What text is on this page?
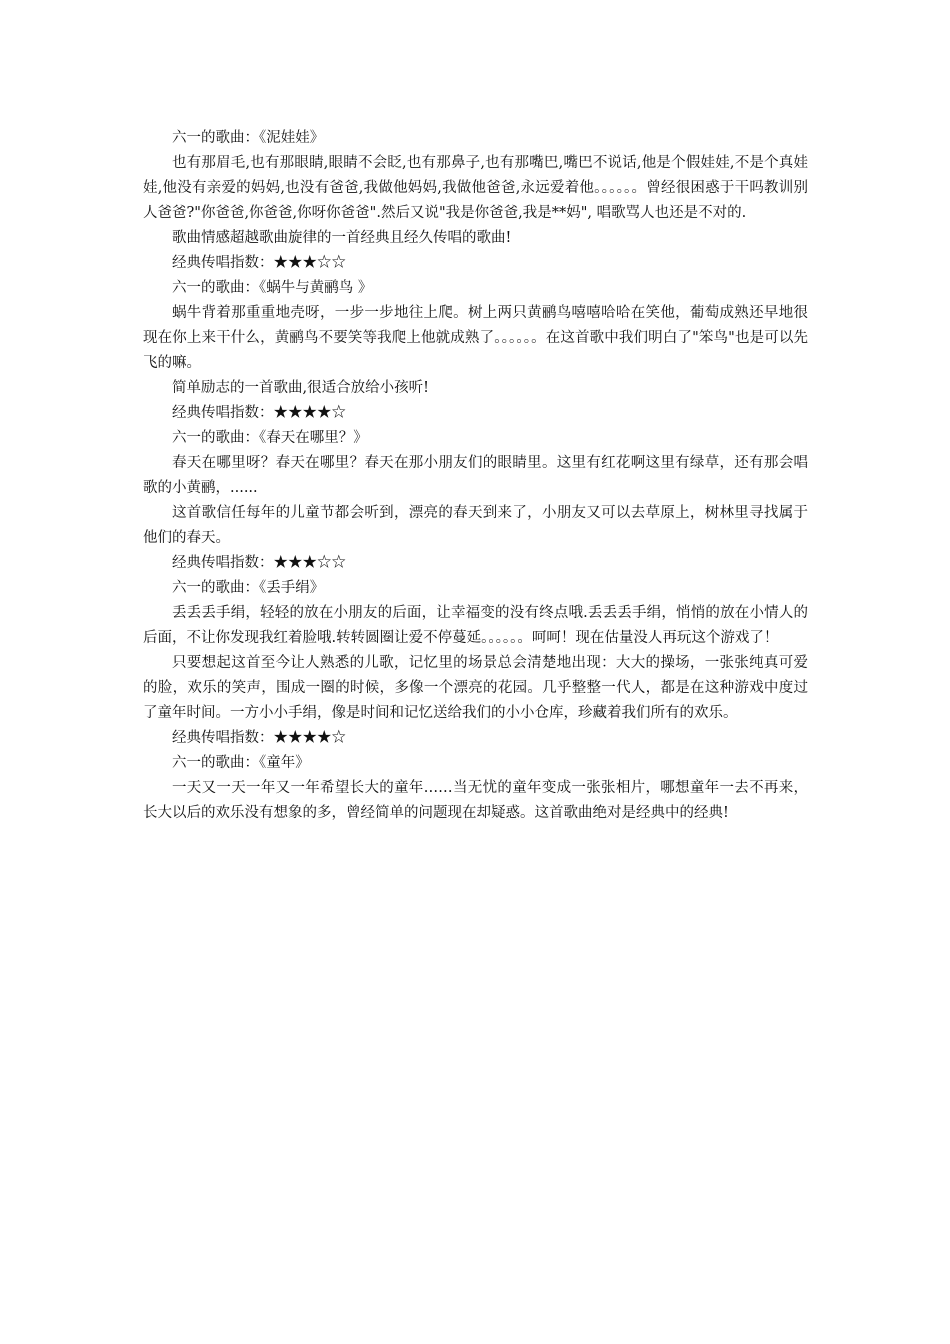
六一的歌曲：《泥娃娃》

也有那眉毛,也有那眼睛,眼睛不会眨,也有那鼻子,也有那嘴巴,嘴巴不说话,他是个假娃娃,不是个真娃娃,他没有亲爱的妈妈,也没有爸爸,我做他妈妈,我做他爸爸,永远爱着他。。。。。。曾经很困惑于干吗教训别人爸爸?"你爸爸,你爸爸,你呀你爸爸".然后又说"我是你爸爸,我是**妈", 唱歌骂人也还是不对的.

歌曲情感超越歌曲旋律的一首经典且经久传唱的歌曲!

经典传唱指数：★★★☆☆

六一的歌曲：《蜗牛与黄鹂鸟 》

蜗牛背着那重重地壳呀，一步一步地往上爬。树上两只黄鹂鸟嘻嘻哈哈在笑他，葡萄成熟还早地很现在你上来干什么，黄鹂鸟不要笑等我爬上他就成熟了。。。。。。在这首歌中我们明白了"笨鸟"也是可以先飞的嘛。

简单励志的一首歌曲,很适合放给小孩听!

经典传唱指数：★★★★☆

六一的歌曲：《春天在哪里？》

春天在哪里呀？春天在哪里？春天在那小朋友们的眼睛里。这里有红花啊这里有绿草，还有那会唱歌的小黄鹂，......

这首歌信任每年的儿童节都会听到，漂亮的春天到来了，小朋友又可以去草原上，树林里寻找属于他们的春天。

经典传唱指数：★★★☆☆

六一的歌曲：《丢手绢》

丢丢丢手绢，轻轻的放在小朋友的后面，让幸福变的没有终点哦.丢丢丢手绢，悄悄的放在小情人的后面，不让你发现我红着脸哦.转转圆圈让爱不停蔓延。。。。。。呵呵！现在估量没人再玩这个游戏了！

只要想起这首至今让人熟悉的儿歌，记忆里的场景总会清楚地出现：大大的操场，一张张纯真可爱的脸，欢乐的笑声，围成一圈的时候，多像一个漂亮的花园。几乎整整一代人，都是在这种游戏中度过了童年时间。一方小小手绢，像是时间和记忆送给我们的小小仓库，珍藏着我们所有的欢乐。

经典传唱指数：★★★★☆

六一的歌曲：《童年》

一天又一天一年又一年希望长大的童年……当无忧的童年变成一张张相片，哪想童年一去不再来，长大以后的欢乐没有想象的多，曾经简单的问题现在却疑惑。这首歌曲绝对是经典中的经典!
